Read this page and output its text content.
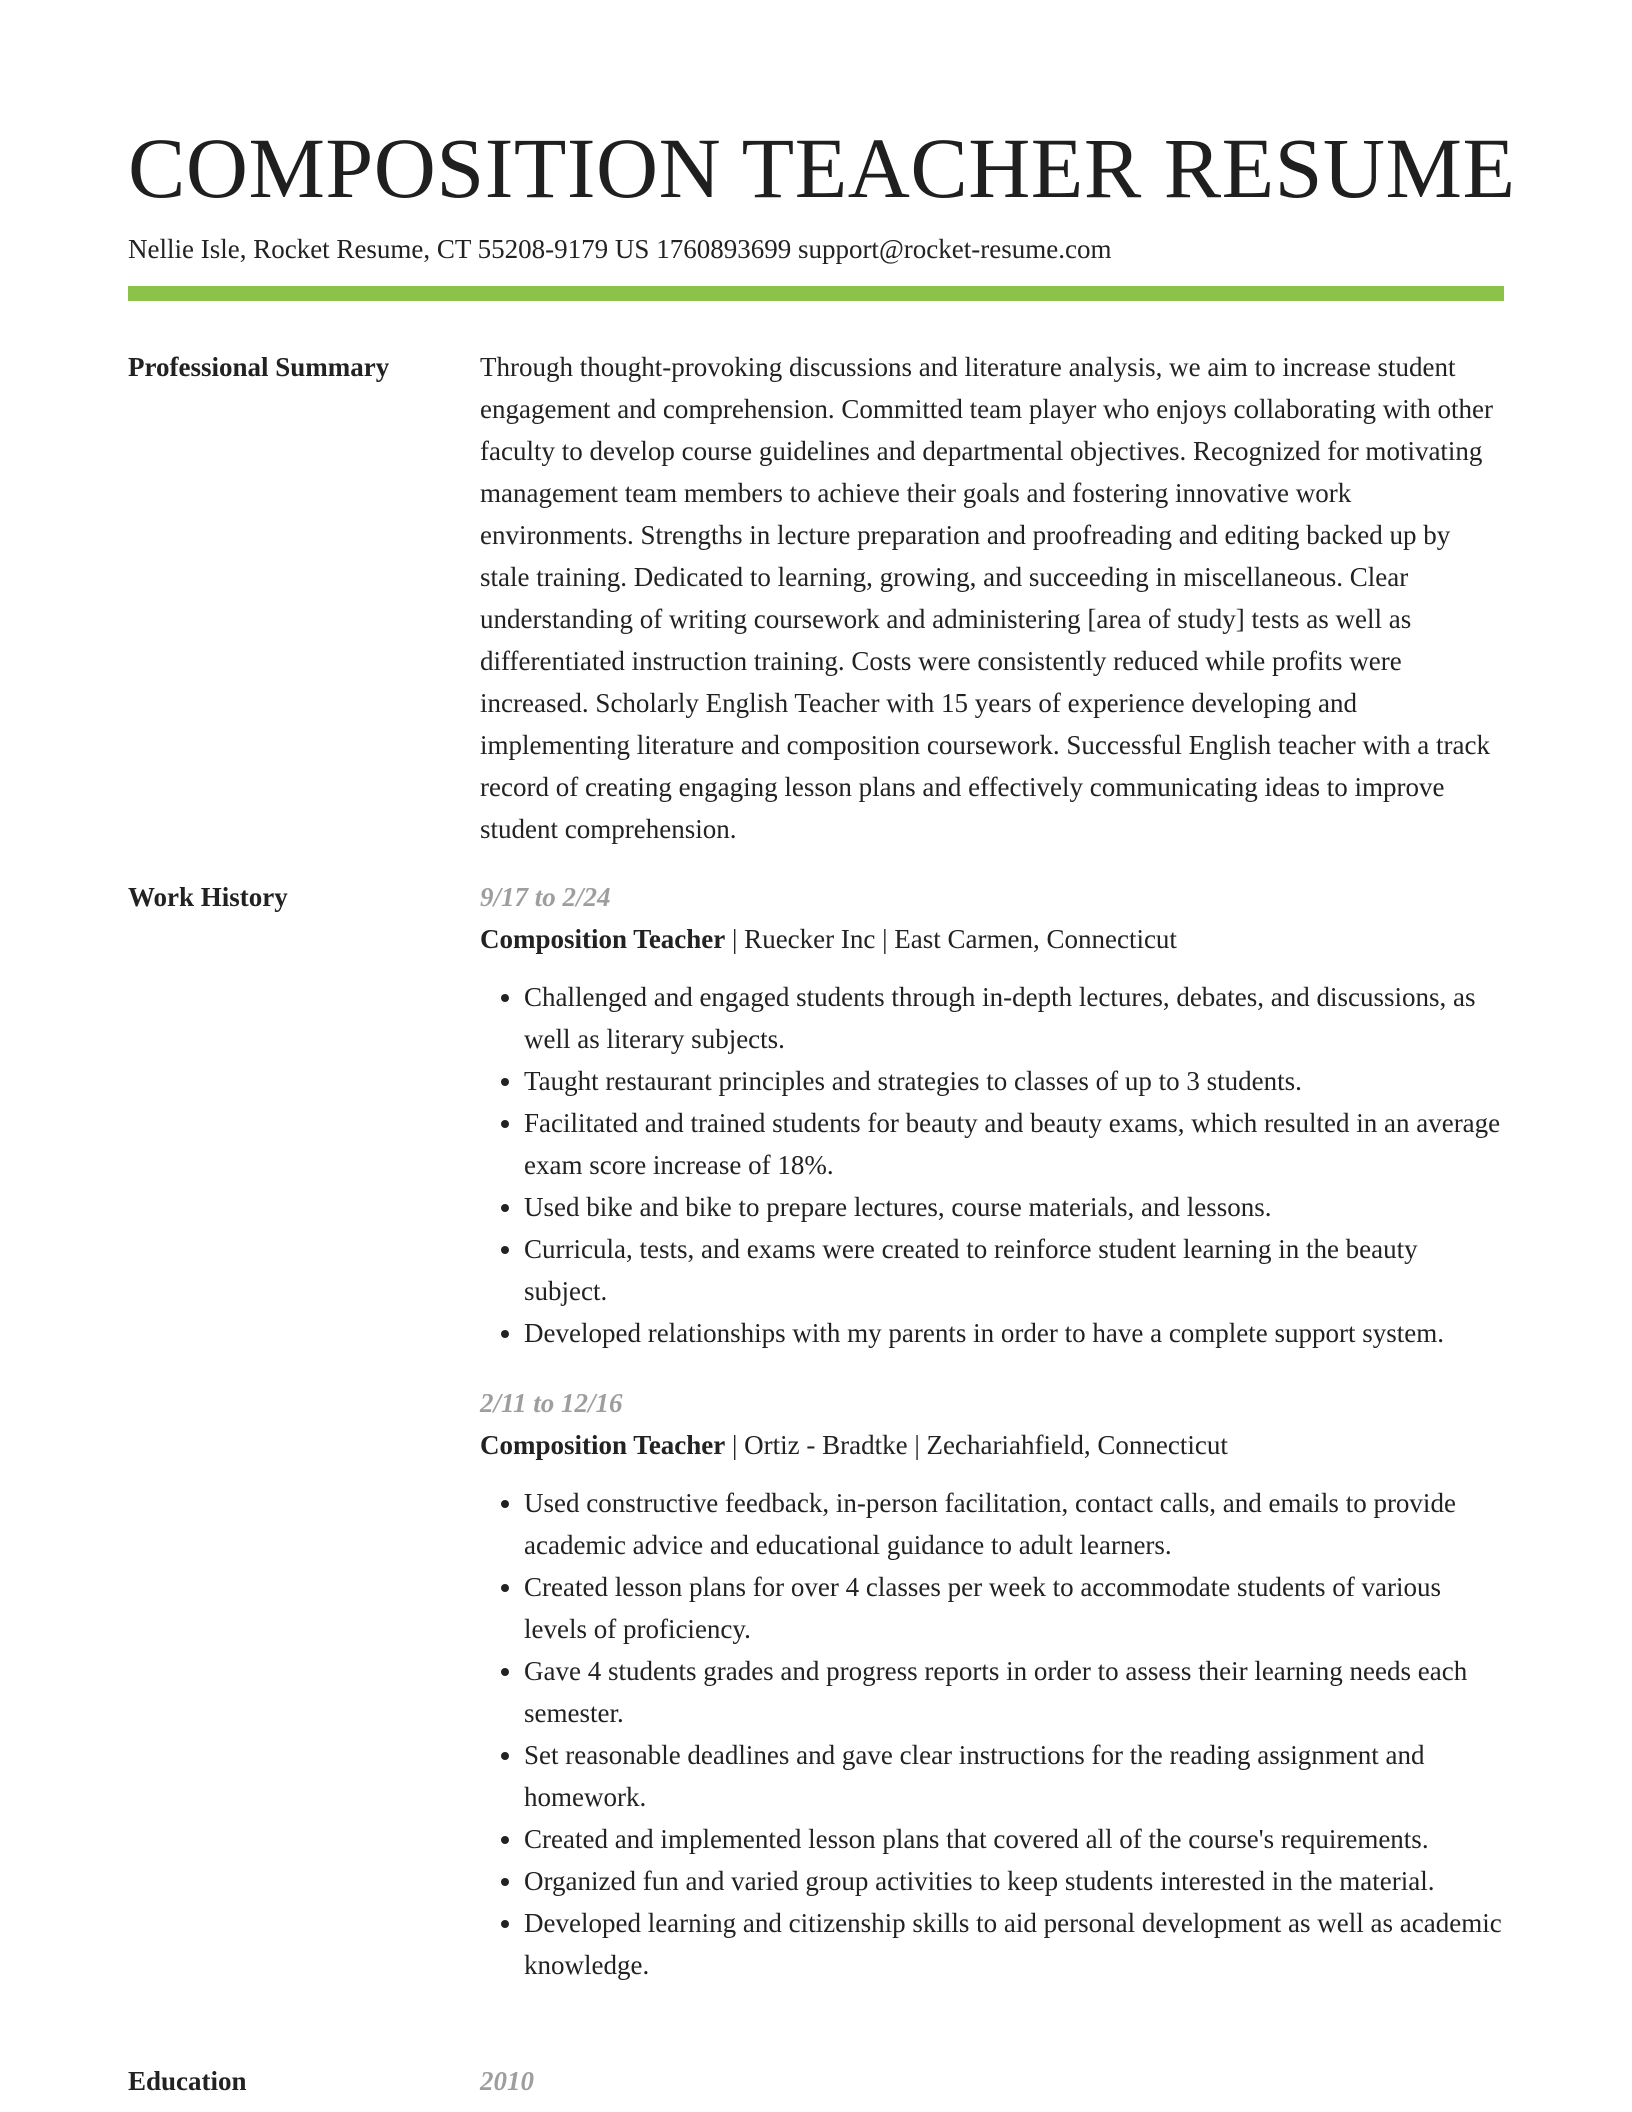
COMPOSITION TEACHER RESUME
Nellie Isle, Rocket Resume, CT 55208-9179 US 1760893699 support@rocket-resume.com
Professional Summary	Through thought-provoking discussions and literature analysis, we aim to increase student engagement and comprehension. Committed team player who enjoys collaborating with other faculty to develop course guidelines and departmental objectives. Recognized for motivating management team members to achieve their goals and fostering innovative work environments. Strengths in lecture preparation and proofreading and editing backed up by stale training. Dedicated to learning, growing, and succeeding in miscellaneous. Clear understanding of writing coursework and administering [area of study] tests as well as differentiated instruction training. Costs were consistently reduced while profits were increased. Scholarly English Teacher with 15 years of experience developing and implementing literature and composition coursework. Successful English teacher with a track record of creating engaging lesson plans and effectively communicating ideas to improve student comprehension.

Work History	9/17 to 2/24
Composition Teacher | Ruecker Inc | East Carmen, Connecticut
• Challenged and engaged students through in-depth lectures, debates, and discussions, as well as literary subjects.
• Taught restaurant principles and strategies to classes of up to 3 students.
• Facilitated and trained students for beauty and beauty exams, which resulted in an average exam score increase of 18%.
• Used bike and bike to prepare lectures, course materials, and lessons.
• Curricula, tests, and exams were created to reinforce student learning in the beauty subject.
• Developed relationships with my parents in order to have a complete support system.
2/11 to 12/16
Composition Teacher | Ortiz - Bradtke | Zechariahfield, Connecticut
• Used constructive feedback, in-person facilitation, contact calls, and emails to provide academic advice and educational guidance to adult learners.
• Created lesson plans for over 4 classes per week to accommodate students of various levels of proficiency.
• Gave 4 students grades and progress reports in order to assess their learning needs each semester.
• Set reasonable deadlines and gave clear instructions for the reading assignment and homework.
• Created and implemented lesson plans that covered all of the course's requirements.
• Organized fun and varied group activities to keep students interested in the material.
• Developed learning and citizenship skills to aid personal development as well as academic knowledge.
Education	2010
